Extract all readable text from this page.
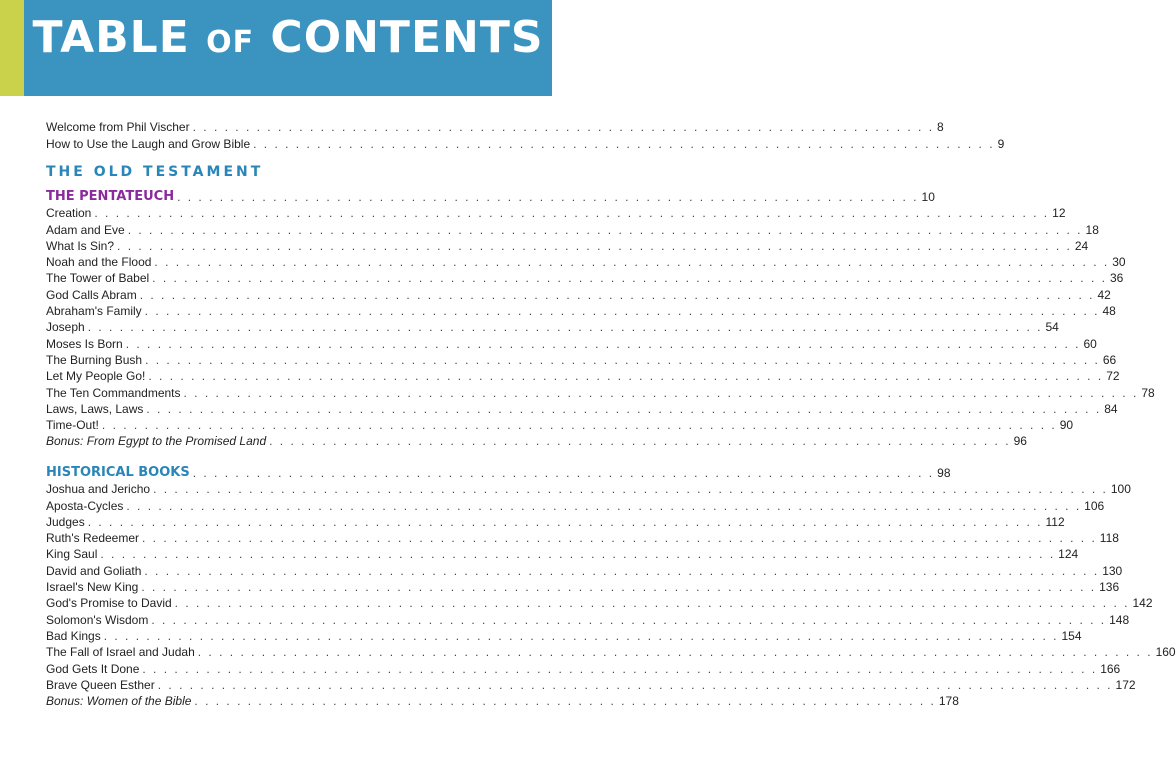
TABLE OF CONTENTS
Welcome from Phil Vischer . . . . . . . . . . . . . . . . . . . . . . . . . . . . . . . . . . . . . . . . . . . . . . . . . . . . . . . . . . . . . . . . . . . . . . 8
How to Use the Laugh and Grow Bible . . . . . . . . . . . . . . . . . . . . . . . . . . . . . . . . . . . . . . . . . . . . . . . . . . . . . . . . . . . . . . . . . . . . . . 9
THE OLD TESTAMENT
THE PENTATEUCH . . . . . . . . . . . . . . . . . . . . . . . . . . . . . . . . . . . . . . . . . . . . . . . . . . . . . . . . . . . . . . . . . . . . . . 10
Creation . . . . . . . . . . . . . . . . . . . . . . . . . . . . . . . . . . . . . . . . . . . . . . . . . . . . . . . . . . . . . . . . . . . . . . . . . . . . . . . . . . . . . . . . . . 12
Adam and Eve . . . . . . . . . . . . . . . . . . . . . . . . . . . . . . . . . . . . . . . . . . . . . . . . . . . . . . . . . . . . . . . . . . . . . . . . . . . . . . . . . . . . . . . . . . 18
What Is Sin? . . . . . . . . . . . . . . . . . . . . . . . . . . . . . . . . . . . . . . . . . . . . . . . . . . . . . . . . . . . . . . . . . . . . . . . . . . . . . . . . . . . . . . . . . . 24
Noah and the Flood . . . . . . . . . . . . . . . . . . . . . . . . . . . . . . . . . . . . . . . . . . . . . . . . . . . . . . . . . . . . . . . . . . . . . . . . . . . . . . . . . . . . . . . . . . 30
The Tower of Babel . . . . . . . . . . . . . . . . . . . . . . . . . . . . . . . . . . . . . . . . . . . . . . . . . . . . . . . . . . . . . . . . . . . . . . . . . . . . . . . . . . . . . . . . . . 36
God Calls Abram . . . . . . . . . . . . . . . . . . . . . . . . . . . . . . . . . . . . . . . . . . . . . . . . . . . . . . . . . . . . . . . . . . . . . . . . . . . . . . . . . . . . . . . . . . 42
Abraham's Family . . . . . . . . . . . . . . . . . . . . . . . . . . . . . . . . . . . . . . . . . . . . . . . . . . . . . . . . . . . . . . . . . . . . . . . . . . . . . . . . . . . . . . . . . . 48
Joseph . . . . . . . . . . . . . . . . . . . . . . . . . . . . . . . . . . . . . . . . . . . . . . . . . . . . . . . . . . . . . . . . . . . . . . . . . . . . . . . . . . . . . . . . . . 54
Moses Is Born . . . . . . . . . . . . . . . . . . . . . . . . . . . . . . . . . . . . . . . . . . . . . . . . . . . . . . . . . . . . . . . . . . . . . . . . . . . . . . . . . . . . . . . . . . 60
The Burning Bush . . . . . . . . . . . . . . . . . . . . . . . . . . . . . . . . . . . . . . . . . . . . . . . . . . . . . . . . . . . . . . . . . . . . . . . . . . . . . . . . . . . . . . . . . . 66
Let My People Go! . . . . . . . . . . . . . . . . . . . . . . . . . . . . . . . . . . . . . . . . . . . . . . . . . . . . . . . . . . . . . . . . . . . . . . . . . . . . . . . . . . . . . . . . . . 72
The Ten Commandments . . . . . . . . . . . . . . . . . . . . . . . . . . . . . . . . . . . . . . . . . . . . . . . . . . . . . . . . . . . . . . . . . . . . . . . . . . . . . . . . . . . . . . . . . . 78
Laws, Laws, Laws . . . . . . . . . . . . . . . . . . . . . . . . . . . . . . . . . . . . . . . . . . . . . . . . . . . . . . . . . . . . . . . . . . . . . . . . . . . . . . . . . . . . . . . . . . 84
Time-Out! . . . . . . . . . . . . . . . . . . . . . . . . . . . . . . . . . . . . . . . . . . . . . . . . . . . . . . . . . . . . . . . . . . . . . . . . . . . . . . . . . . . . . . . . . . 90
Bonus: From Egypt to the Promised Land . . . . . . . . . . . . . . . . . . . . . . . . . . . . . . . . . . . . . . . . . . . . . . . . . . . . . . . . . . . . . . . . . . . . . . 96
HISTORICAL BOOKS . . . . . . . . . . . . . . . . . . . . . . . . . . . . . . . . . . . . . . . . . . . . . . . . . . . . . . . . . . . . . . . . . . . . . . 98
Joshua and Jericho . . . . . . . . . . . . . . . . . . . . . . . . . . . . . . . . . . . . . . . . . . . . . . . . . . . . . . . . . . . . . . . . . . . . . . . . . . . . . . . . . . . . . . . . . . 100
Aposta-Cycles . . . . . . . . . . . . . . . . . . . . . . . . . . . . . . . . . . . . . . . . . . . . . . . . . . . . . . . . . . . . . . . . . . . . . . . . . . . . . . . . . . . . . . . . . . 106
Judges . . . . . . . . . . . . . . . . . . . . . . . . . . . . . . . . . . . . . . . . . . . . . . . . . . . . . . . . . . . . . . . . . . . . . . . . . . . . . . . . . . . . . . . . . . 112
Ruth's Redeemer . . . . . . . . . . . . . . . . . . . . . . . . . . . . . . . . . . . . . . . . . . . . . . . . . . . . . . . . . . . . . . . . . . . . . . . . . . . . . . . . . . . . . . . . . . 118
King Saul . . . . . . . . . . . . . . . . . . . . . . . . . . . . . . . . . . . . . . . . . . . . . . . . . . . . . . . . . . . . . . . . . . . . . . . . . . . . . . . . . . . . . . . . . . 124
David and Goliath . . . . . . . . . . . . . . . . . . . . . . . . . . . . . . . . . . . . . . . . . . . . . . . . . . . . . . . . . . . . . . . . . . . . . . . . . . . . . . . . . . . . . . . . . . 130
Israel's New King . . . . . . . . . . . . . . . . . . . . . . . . . . . . . . . . . . . . . . . . . . . . . . . . . . . . . . . . . . . . . . . . . . . . . . . . . . . . . . . . . . . . . . . . . . 136
God's Promise to David . . . . . . . . . . . . . . . . . . . . . . . . . . . . . . . . . . . . . . . . . . . . . . . . . . . . . . . . . . . . . . . . . . . . . . . . . . . . . . . . . . . . . . . . . . 142
Solomon's Wisdom . . . . . . . . . . . . . . . . . . . . . . . . . . . . . . . . . . . . . . . . . . . . . . . . . . . . . . . . . . . . . . . . . . . . . . . . . . . . . . . . . . . . . . . . . . 148
Bad Kings . . . . . . . . . . . . . . . . . . . . . . . . . . . . . . . . . . . . . . . . . . . . . . . . . . . . . . . . . . . . . . . . . . . . . . . . . . . . . . . . . . . . . . . . . . 154
The Fall of Israel and Judah . . . . . . . . . . . . . . . . . . . . . . . . . . . . . . . . . . . . . . . . . . . . . . . . . . . . . . . . . . . . . . . . . . . . . . . . . . . . . . . . . . . . . . . . . . 160
God Gets It Done . . . . . . . . . . . . . . . . . . . . . . . . . . . . . . . . . . . . . . . . . . . . . . . . . . . . . . . . . . . . . . . . . . . . . . . . . . . . . . . . . . . . . . . . . . 166
Brave Queen Esther . . . . . . . . . . . . . . . . . . . . . . . . . . . . . . . . . . . . . . . . . . . . . . . . . . . . . . . . . . . . . . . . . . . . . . . . . . . . . . . . . . . . . . . . . . 172
Bonus: Women of the Bible . . . . . . . . . . . . . . . . . . . . . . . . . . . . . . . . . . . . . . . . . . . . . . . . . . . . . . . . . . . . . . . . . . . . . . 178
